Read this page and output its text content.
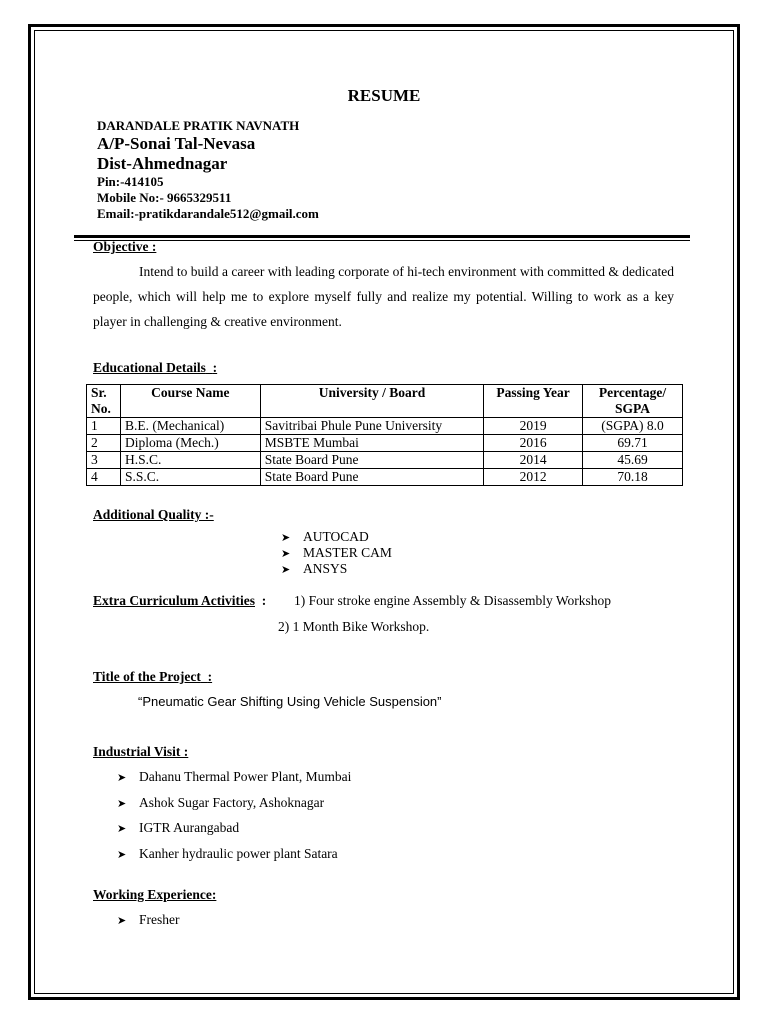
RESUME
DARANDALE PRATIK NAVNATH
A/P-Sonai Tal-Nevasa
Dist-Ahmednagar
Pin:-414105
Mobile No:- 9665329511
Email:-pratikdarandale512@gmail.com
Objective :
Intend to build a career with leading corporate of hi-tech environment with committed & dedicated people, which will help me to explore myself fully and realize my potential. Willing to work as a key player in challenging & creative environment.
Educational Details :
Sr. No.	Course Name	University / Board	Passing Year	Percentage/ SGPA
1	B.E. (Mechanical)	Savitribai Phule Pune University	2019	(SGPA) 8.0
2	Diploma (Mech.)	MSBTE Mumbai	2016	69.71
3	H.S.C.	State Board Pune	2014	45.69
4	S.S.C.	State Board Pune	2012	70.18
Additional Quality :-
➤ AUTOCAD
➤ MASTER CAM
➤ ANSYS
Extra Curriculum Activities : 1) Four stroke engine Assembly & Disassembly Workshop
2) 1 Month Bike Workshop.
Title of the Project :
“Pneumatic Gear Shifting Using Vehicle Suspension”
Industrial Visit :
➤ Dahanu Thermal Power Plant, Mumbai
➤ Ashok Sugar Factory, Ashoknagar
➤ IGTR Aurangabad
➤ Kanher hydraulic power plant Satara
Working Experience:
➤ Fresher
